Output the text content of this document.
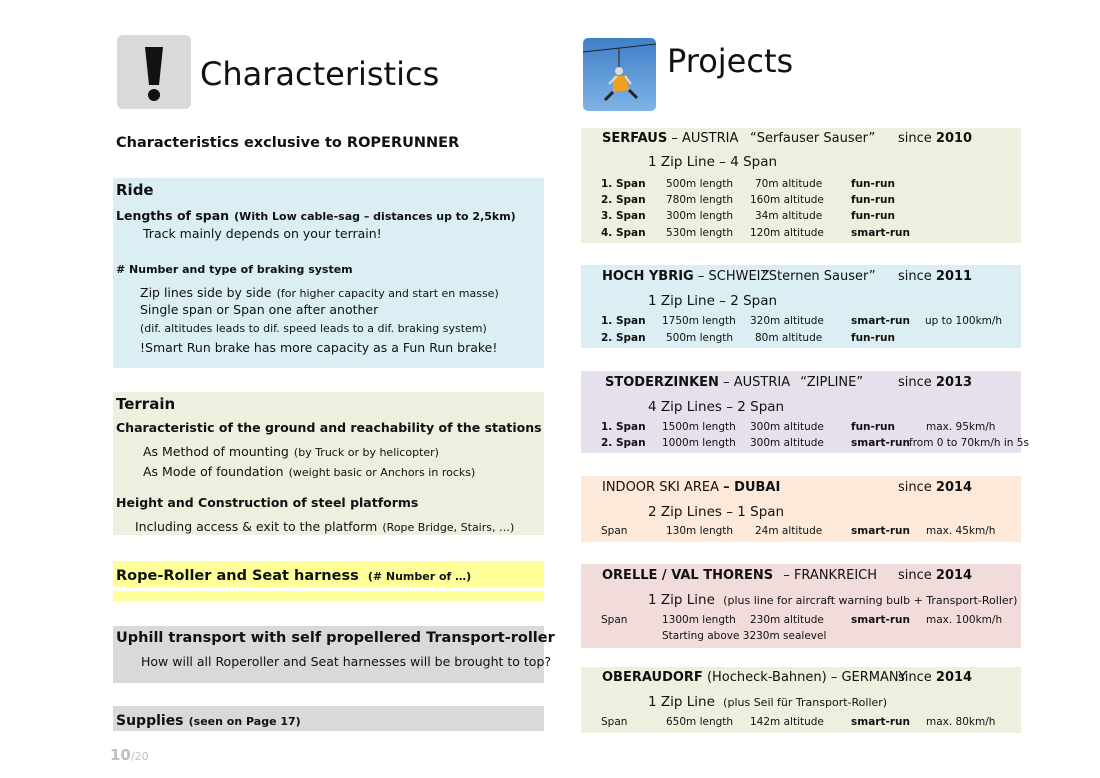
Characteristics
Characteristics exclusive to ROPERUNNER
Ride
Lengths of span (With Low cable-sag – distances up to 2,5km)
Track mainly depends on your terrain!
# Number and type of braking system
Zip lines side by side (for higher capacity and start en masse)
Single span or Span one after another
(dif. altitudes leads to dif. speed leads to a dif. braking system)
!Smart Run brake has more capacity as a Fun Run brake!
Terrain
Characteristic of the ground and reachability of the stations
As Method of mounting (by Truck or by helicopter)
As Mode of foundation (weight basic or Anchors in rocks)
Height and Construction of steel platforms
Including access & exit to the platform (Rope Bridge, Stairs, …)
Rope-Roller and Seat harness (# Number of …)
Uphill transport with self propellered Transport-roller
How will all Roperoller and Seat harnesses will be brought to top?
Supplies (seen on Page 17)
10/20
Projects
SERFAUS – AUSTRIA “Serfauser Sauser” since 2010
1 Zip Line – 4 Span
1. Span 500m length 70m altitude	fun-run
2. Span 780m length 160m altitude	fun-run
3. Span 300m length 34m altitude	fun-run
4. Span 530m length 120m altitude	smart-run
HOCH YBRIG – SCHWEIZ
“Sternen Sauser” since 2011
1 Zip Line – 2 Span
1. Span 1750m length 320m altitude	smart-run up to 100km/h
2. Span 500m length 80m altitude	fun-run
STODERZINKEN – AUSTRIA “ZIPLINE”	since 2013
4 Zip Lines – 2 Span
1. Span 1500m length 300m altitude	fun-run	max. 95km/h
2. Span 1000m length 300m altitude	smart-run from 0 to 70km/h in 5s
INDOOR SKI AREA – DUBAI	since 2014
2 Zip Lines – 1 Span
Span	130m length 24m altitude	smart-run max. 45km/h
ORELLE / VAL THORENS – FRANKREICH since 2014
1 Zip Line (plus line for aircraft warning bulb + Transport-Roller)
Span	1300m length 230m altitude	smart-run max. 100km/h
Starting above 3230m sealevel
OBERAUDORF (Hocheck-Bahnen) – GERMANY
since 2014
1 Zip Line (plus Seil für Transport-Roller)
Span	650m length 142m altitude	smart-run max. 80km/h
